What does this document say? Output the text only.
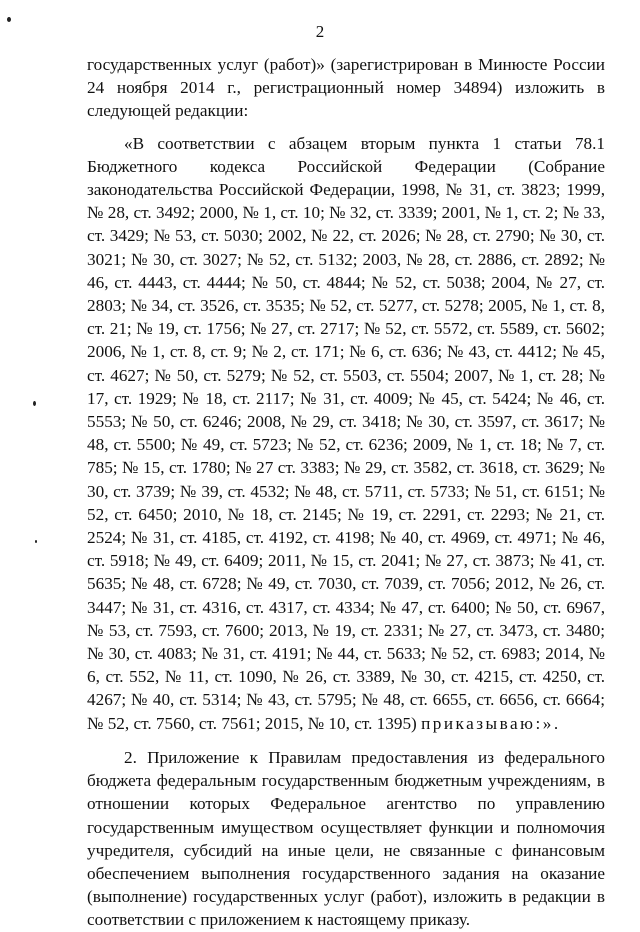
2

государственных услуг (работ)» (зарегистрирован в Минюсте России 24 ноября 2014 г., регистрационный номер 34894) изложить в следующей редакции:

«В соответствии с абзацем вторым пункта 1 статьи 78.1 Бюджетного кодекса Российской Федерации (Собрание законодательства Российской Федерации, 1998, № 31, ст. 3823; 1999, № 28, ст. 3492; 2000, № 1, ст. 10; № 32, ст. 3339; 2001, № 1, ст. 2; № 33, ст. 3429; № 53, ст. 5030; 2002, № 22, ст. 2026; № 28, ст. 2790; № 30, ст. 3021; № 30, ст. 3027; № 52, ст. 5132; 2003, № 28, ст. 2886, ст. 2892; № 46, ст. 4443, ст. 4444; № 50, ст. 4844; № 52, ст. 5038; 2004, № 27, ст. 2803; № 34, ст. 3526, ст. 3535; № 52, ст. 5277, ст. 5278; 2005, № 1, ст. 8, ст. 21; № 19, ст. 1756; № 27, ст. 2717; № 52, ст. 5572, ст. 5589, ст. 5602; 2006, № 1, ст. 8, ст. 9; № 2, ст. 171; № 6, ст. 636; № 43, ст. 4412; № 45, ст. 4627; № 50, ст. 5279; № 52, ст. 5503, ст. 5504; 2007, № 1, ст. 28; № 17, ст. 1929; № 18, ст. 2117; № 31, ст. 4009; № 45, ст. 5424; № 46, ст. 5553; № 50, ст. 6246; 2008, № 29, ст. 3418; № 30, ст. 3597, ст. 3617; № 48, ст. 5500; № 49, ст. 5723; № 52, ст. 6236; 2009, № 1, ст. 18; № 7, ст. 785; № 15, ст. 1780; № 27 ст. 3383; № 29, ст. 3582, ст. 3618, ст. 3629; № 30, ст. 3739; № 39, ст. 4532; № 48, ст. 5711, ст. 5733; № 51, ст. 6151; № 52, ст. 6450; 2010, № 18, ст. 2145; № 19, ст. 2291, ст. 2293; № 21, ст. 2524; № 31, ст. 4185, ст. 4192, ст. 4198; № 40, ст. 4969, ст. 4971; № 46, ст. 5918; № 49, ст. 6409; 2011, № 15, ст. 2041; № 27, ст. 3873; № 41, ст. 5635; № 48, ст. 6728; № 49, ст. 7030, ст. 7039, ст. 7056; 2012, № 26, ст. 3447; № 31, ст. 4316, ст. 4317, ст. 4334; № 47, ст. 6400; № 50, ст. 6967, № 53, ст. 7593, ст. 7600; 2013, № 19, ст. 2331; № 27, ст. 3473, ст. 3480; № 30, ст. 4083; № 31, ст. 4191; № 44, ст. 5633; № 52, ст. 6983; 2014, № 6, ст. 552, № 11, ст. 1090, № 26, ст. 3389, № 30, ст. 4215, ст. 4250, ст. 4267; № 40, ст. 5314; № 43, ст. 5795; № 48, ст. 6655, ст. 6656, ст. 6664; № 52, ст. 7560, ст. 7561; 2015, № 10, ст. 1395) приказываю:».

2. Приложение к Правилам предоставления из федерального бюджета федеральным государственным бюджетным учреждениям, в отношении которых Федеральное агентство по управлению государственным имуществом осуществляет функции и полномочия учредителя, субсидий на иные цели, не связанные с финансовым обеспечением выполнения государственного задания на оказание (выполнение) государственных услуг (работ), изложить в редакции в соответствии с приложением к настоящему приказу.
